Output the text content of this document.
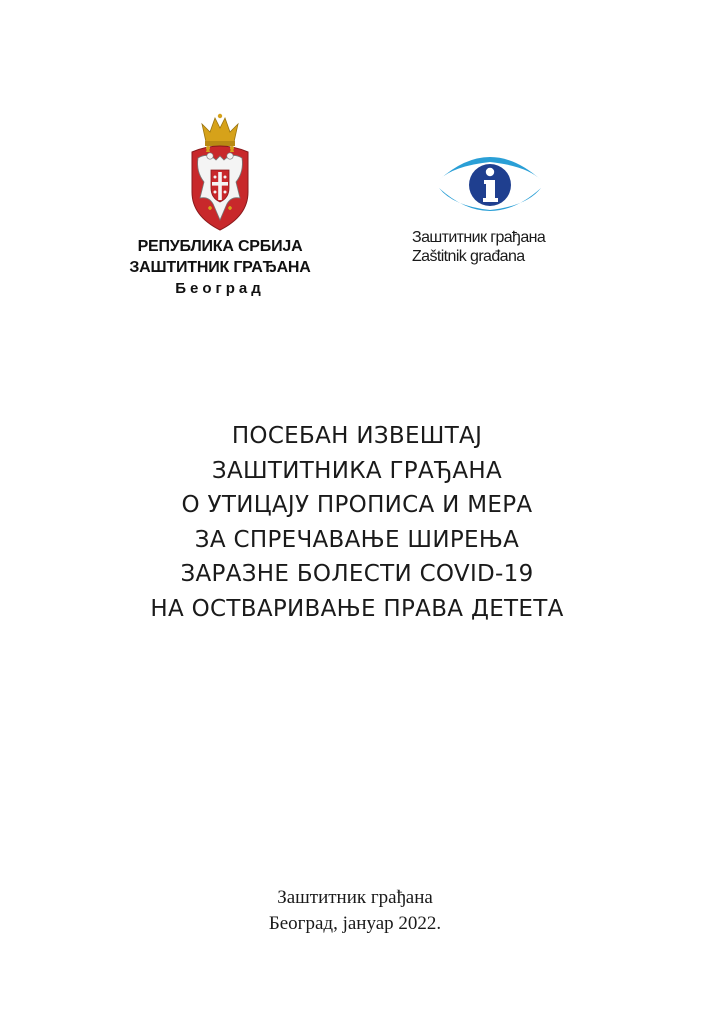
РЕПУБЛИКА СРБИЈА
ЗАШТИТНИК ГРАЂАНА
Београд
Заштитник грађана
Zaštitnik građana
ПОСЕБАН ИЗВЕШТАЈ
ЗАШТИТНИКА ГРАЂАНА
О УТИЦАЈУ ПРОПИСА И МЕРА
ЗА СПРЕЧАВАЊЕ ШИРЕЊА
ЗАРАЗНЕ БОЛЕСТИ COVID-19
НА ОСТВАРИВАЊЕ ПРАВА ДЕТЕТА
Заштитник грађана
Београд, јануар 2022.
